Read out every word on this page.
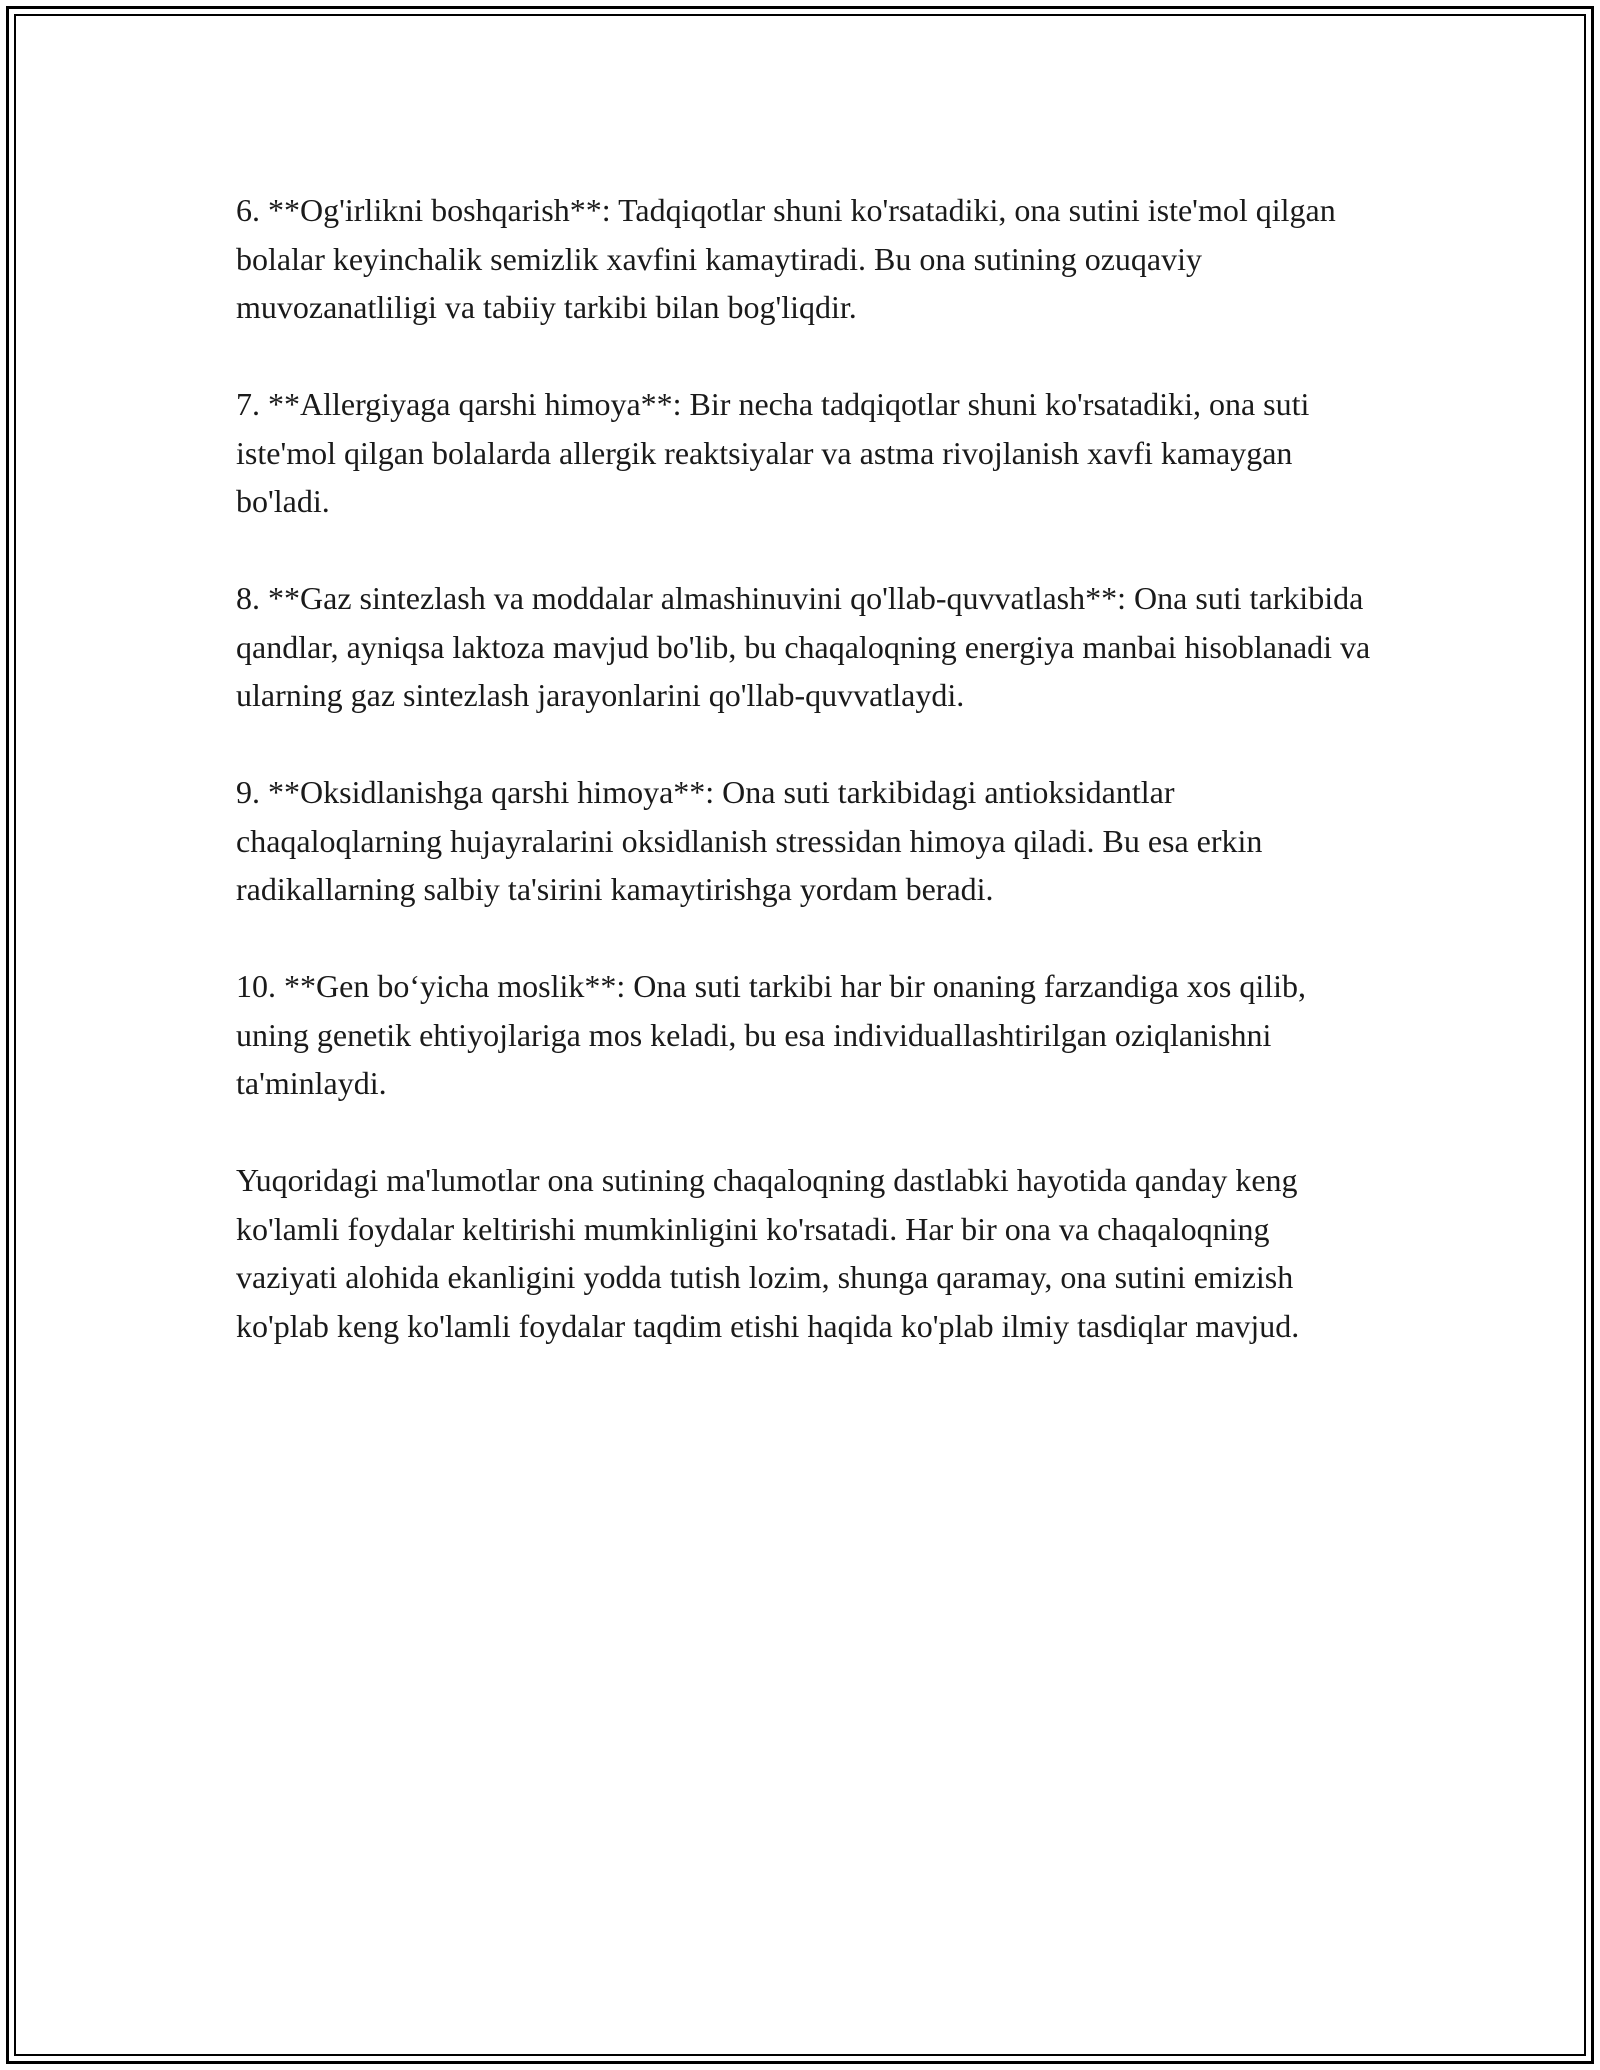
6. **Og'irlikni boshqarish**: Tadqiqotlar shuni ko'rsatadiki, ona sutini iste'mol qilgan bolalar keyinchalik semizlik xavfini kamaytiradi. Bu ona sutining ozuqaviy muvozanatliligi va tabiiy tarkibi bilan bog'liqdir.

7. **Allergiyaga qarshi himoya**: Bir necha tadqiqotlar shuni ko'rsatadiki, ona suti iste'mol qilgan bolalarda allergik reaktsiyalar va astma rivojlanish xavfi kamaygan bo'ladi.

8. **Gaz sintezlash va moddalar almashinuvini qo'llab-quvvatlash**: Ona suti tarkibida qandlar, ayniqsa laktoza mavjud bo'lib, bu chaqaloqning energiya manbai hisoblanadi va ularning gaz sintezlash jarayonlarini qo'llab-quvvatlaydi.

9. **Oksidlanishga qarshi himoya**: Ona suti tarkibidagi antioksidantlar chaqaloqlarning hujayralarini oksidlanish stressidan himoya qiladi. Bu esa erkin radikallarning salbiy ta'sirini kamaytirishga yordam beradi.

10. **Gen bo‘yicha moslik**: Ona suti tarkibi har bir onaning farzandiga xos qilib, uning genetik ehtiyojlariga mos keladi, bu esa individuallashtirilgan oziqlanishni ta'minlaydi.

Yuqoridagi ma'lumotlar ona sutining chaqaloqning dastlabki hayotida qanday keng ko'lamli foydalar keltirishi mumkinligini ko'rsatadi. Har bir ona va chaqaloqning vaziyati alohida ekanligini yodda tutish lozim, shunga qaramay, ona sutini emizish ko'plab keng ko'lamli foydalar taqdim etishi haqida ko'plab ilmiy tasdiqlar mavjud.
